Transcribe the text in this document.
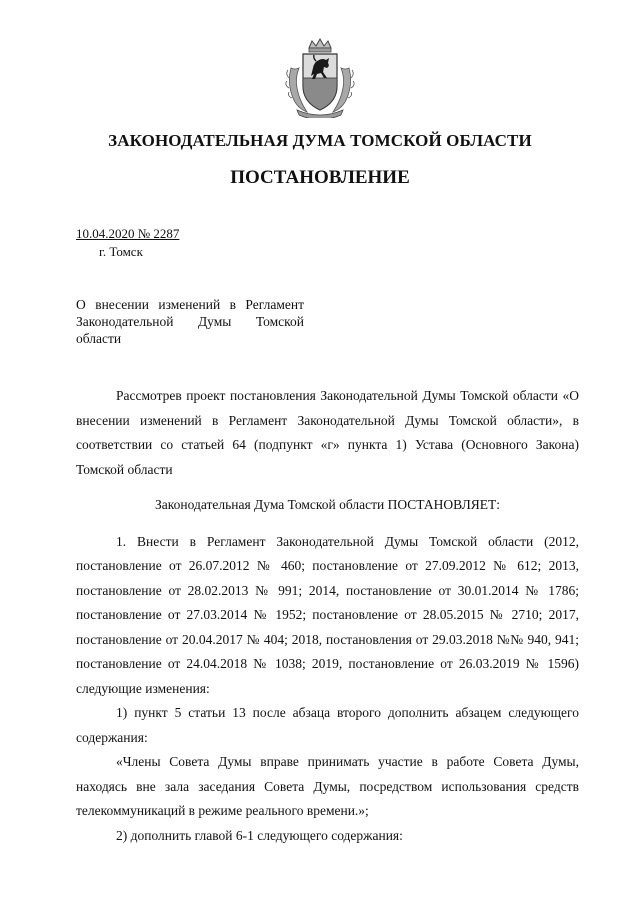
ЗАКОНОДАТЕЛЬНАЯ ДУМА ТОМСКОЙ ОБЛАСТИ
ПОСТАНОВЛЕНИЕ
10.04.2020 № 2287
г. Томск
О внесении изменений в Регламент Законодательной Думы Томской области

Рассмотрев проект постановления Законодательной Думы Томской области «О внесении изменений в Регламент Законодательной Думы Томской области», в соответствии со статьей 64 (подпункт «г» пункта 1) Устава (Основного Закона) Томской области

Законодательная Дума Томской области ПОСТАНОВЛЯЕТ:

1. Внести в Регламент Законодательной Думы Томской области (2012, постановление от 26.07.2012 № 460; постановление от 27.09.2012 № 612; 2013, постановление от 28.02.2013 № 991; 2014, постановление от 30.01.2014 № 1786; постановление от 27.03.2014 № 1952; постановление от 28.05.2015 № 2710; 2017, постановление от 20.04.2017 № 404; 2018, постановления от 29.03.2018 №№ 940, 941; постановление от 24.04.2018 № 1038; 2019, постановление от 26.03.2019 № 1596) следующие изменения:

1) пункт 5 статьи 13 после абзаца второго дополнить абзацем следующего содержания:

«Члены Совета Думы вправе принимать участие в работе Совета Думы, находясь вне зала заседания Совета Думы, посредством использования средств телекоммуникаций в режиме реального времени.»;

2) дополнить главой 6-1 следующего содержания:
